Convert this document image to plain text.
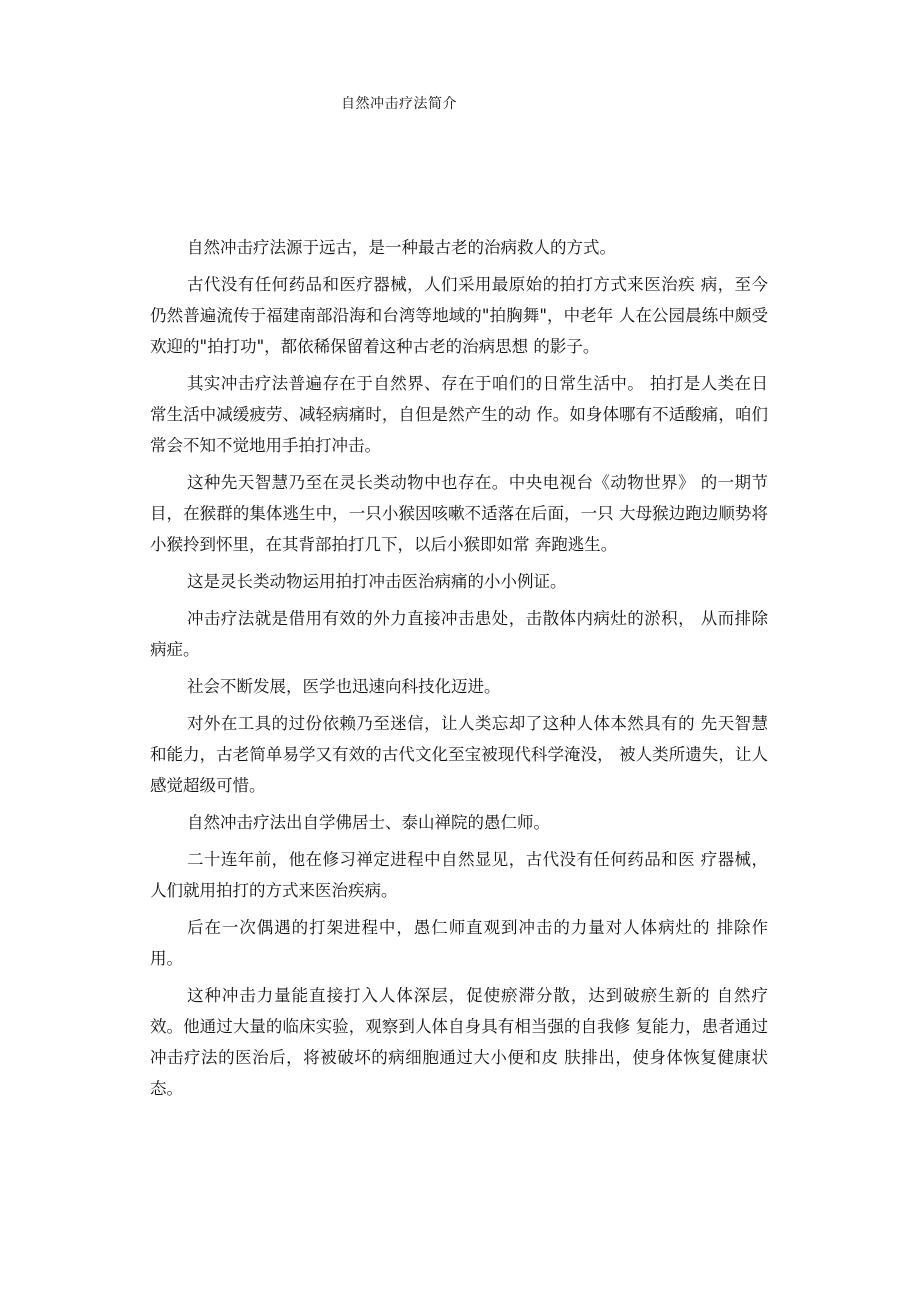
自然冲击疗法简介

自然冲击疗法源于远古，是一种最古老的治病救人的方式。

古代没有任何药品和医疗器械，人们采用最原始的拍打方式来医治疾 病，至今仍然普遍流传于福建南部沿海和台湾等地域的"拍胸舞"，中老年 人在公园晨练中颇受欢迎的"拍打功"，都依稀保留着这种古老的治病思想 的影子。

其实冲击疗法普遍存在于自然界、存在于咱们的日常生活中。 拍打是人类在日常生活中减缓疲劳、减轻病痛时，自但是然产生的动 作。如身体哪有不适酸痛，咱们常会不知不觉地用手拍打冲击。

这种先天智慧乃至在灵长类动物中也存在。中央电视台《动物世界》 的一期节目，在猴群的集体逃生中，一只小猴因咳嗽不适落在后面，一只 大母猴边跑边顺势将小猴拎到怀里，在其背部拍打几下，以后小猴即如常 奔跑逃生。

这是灵长类动物运用拍打冲击医治病痛的小小例证。

冲击疗法就是借用有效的外力直接冲击患处，击散体内病灶的淤积， 从而排除病症。

社会不断发展，医学也迅速向科技化迈进。

对外在工具的过份依赖乃至迷信，让人类忘却了这种人体本然具有的 先天智慧和能力，古老简单易学又有效的古代文化至宝被现代科学淹没， 被人类所遗失，让人感觉超级可惜。

自然冲击疗法出自学佛居士、泰山禅院的愚仁师。

二十连年前，他在修习禅定进程中自然显见，古代没有任何药品和医 疗器械，人们就用拍打的方式来医治疾病。

后在一次偶遇的打架进程中，愚仁师直观到冲击的力量对人体病灶的 排除作用。

这种冲击力量能直接打入人体深层，促使瘀滞分散，达到破瘀生新的 自然疗效。他通过大量的临床实验，观察到人体自身具有相当强的自我修 复能力，患者通过冲击疗法的医治后，将被破坏的病细胞通过大小便和皮 肤排出，使身体恢复健康状态。
